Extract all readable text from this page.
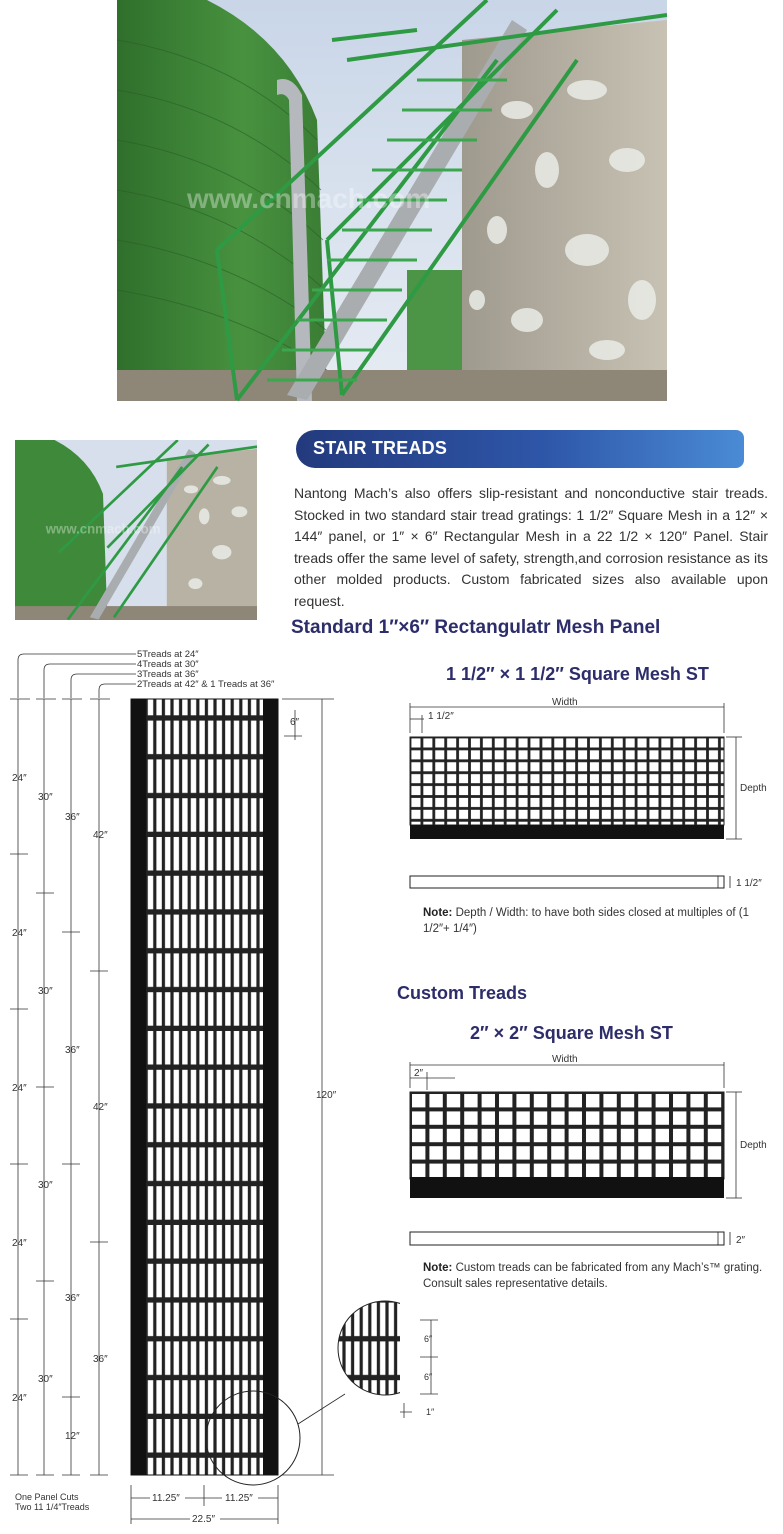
www.cnmach.com
www.cnmach.com
STAIR TREADS
Nantong Mach’s also offers slip-resistant and nonconductive stair treads. Stocked in two standard stair tread gratings: 1 1/2″ Square Mesh in a 12″ × 144″ panel, or 1″ × 6″ Rectangular Mesh in a 22 1/2 × 120″ Panel. Stair treads offer the same level of safety, strength,and corrosion resistance as its other molded products. Custom fabricated sizes also available upon request.
Standard 1″×6″ Rectangulatr Mesh Panel
1 1/2″ × 1 1/2″ Square Mesh ST
Custom Treads
2″ × 2″ Square Mesh ST
5Treads at 24″
4Treads at 30″
3Treads at 36″
2Treads at 42″ & 1 Treads at 36″
24″
24″
24″
24″
24″
30″
30″
30″
30″
36″
36″
36″
12″
42″
42″
36″
6″
120″
11.25″	11.25″
22.5″
One Panel Cuts
Two 11 1/4″Treads
6″
6″
1″
Width
1 1/2″
Depth
1 1/2″
Note: Depth / Width: to have both sides closed at multiples of (1 1/2″+ 1/4″)
Width
2″
Depth
2″
Note: Custom treads can be fabricated from any Mach’s™ grating. Consult sales representative details.
